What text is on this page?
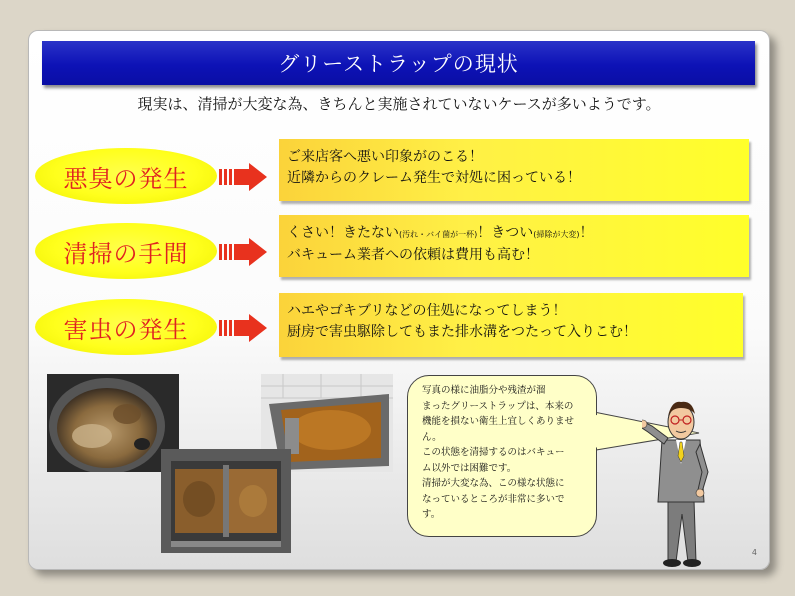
グリーストラップの現状
現実は、清掃が大変な為、きちんと実施されていないケースが多いようです。
悪臭の発生
ご来店客へ悪い印象がのこる！
近隣からのクレーム発生で対処に困っている！
清掃の手間
くさい！きたない(汚れ・バイ菌が一杯)！きつい(掃除が大変)！
バキューム業者への依頼は費用も高む！
害虫の発生
ハエやゴキブリなどの住処になってしまう！
厨房で害虫駆除してもまた排水溝をつたって入りこむ！
写真の様に油脂分や残渣が溜
まったグリーストラップは、本来の
機能を損ない衛生上宜しくありません。
この状態を清掃するのはバキュー
ム以外では困難です。
清掃が大変な為、この様な状態に
なっているところが非常に多いで
す。
4
